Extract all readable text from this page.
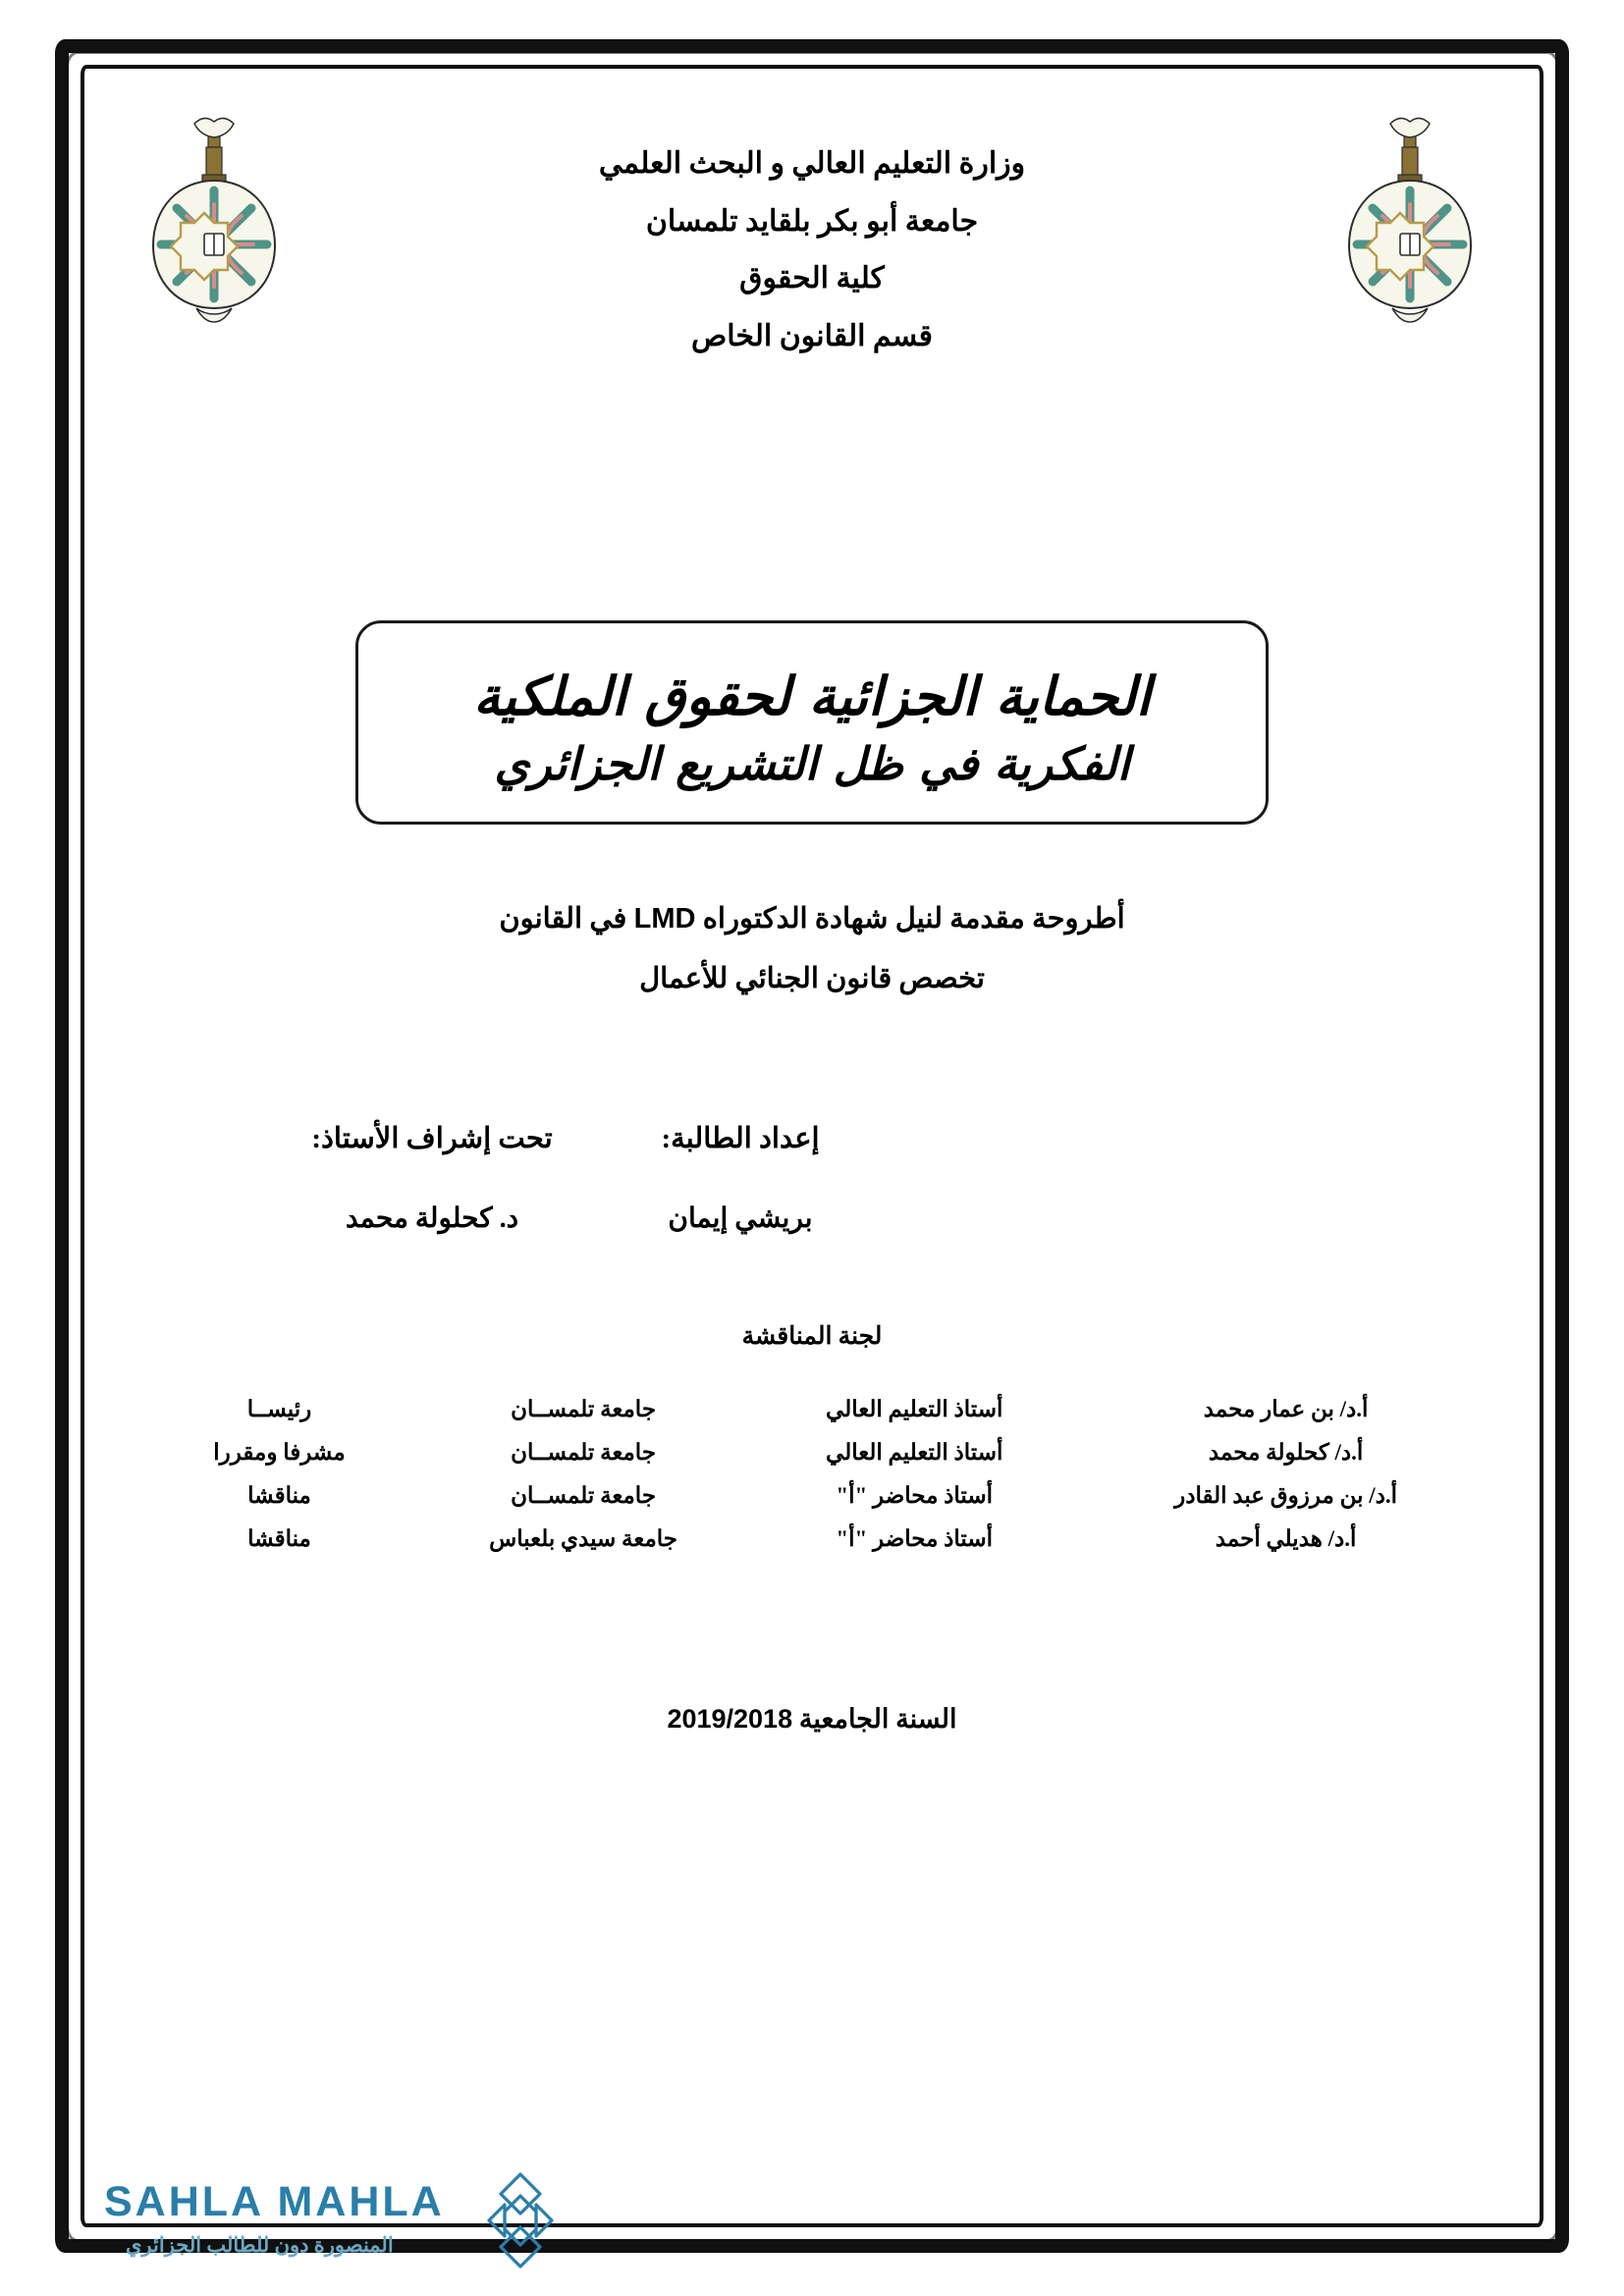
وزارة التعليم العالي و البحث العلمي
جامعة أبو بكر بلقايد تلمسان
كلية الحقوق
قسم القانون الخاص
الحماية الجزائية لحقوق الملكية
الفكرية في ظل التشريع الجزائري
أطروحة مقدمة لنيل شهادة الدكتوراه LMD في القانون
تخصص قانون الجنائي للأعمال
إعداد الطالبة:
بريشي إيمان
تحت إشراف الأستاذ:
د. كحلولة محمد
لجنة المناقشة
أ.د/ بن عمار محمد	أستاذ التعليم العالي	جامعة تلمســان	رئيســا
أ.د/ كحلولة محمد	أستاذ التعليم العالي	جامعة تلمســان	مشرفا ومقررا
أ.د/ بن مرزوق عبد القادر	أستاذ محاضر "أ"	جامعة تلمســان	مناقشا
أ.د/ هديلي أحمد	أستاذ محاضر "أ"	جامعة سيدي بلعباس	مناقشا
السنة الجامعية 2019/2018
SAHLA MAHLA
المنصورة دون للطالب الجزائري
